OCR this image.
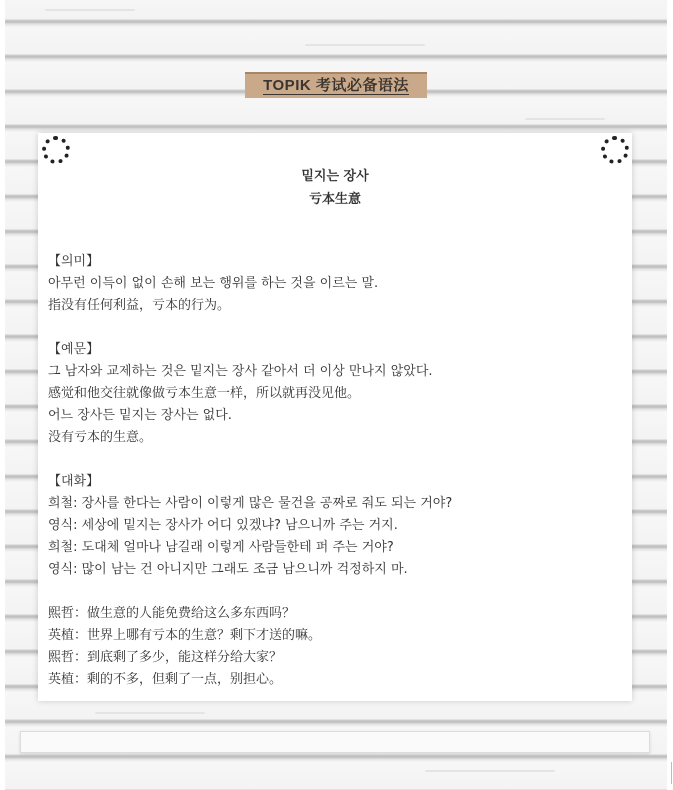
TOPIK 考试必备语法
밑지는 장사
亏本生意
【의미】
아무런 이득이 없이 손해 보는 행위를 하는 것을 이르는 말.
指没有任何利益，亏本的行为。
【예문】
그 남자와 교제하는 것은 밑지는 장사 같아서 더 이상 만나지 않았다.
感觉和他交往就像做亏本生意一样，所以就再没见他。
어느 장사든 밑지는 장사는 없다.
没有亏本的生意。
【대화】
희철: 장사를 한다는 사람이 이렇게 많은 물건을 공짜로 줘도 되는 거야?
영식: 세상에 밑지는 장사가 어디 있겠냐? 남으니까 주는 거지.
희철: 도대체 얼마나 남길래 이렇게 사람들한테 퍼 주는 거야?
영식: 많이 남는 건 아니지만 그래도 조금 남으니까 걱정하지 마.
熙哲：做生意的人能免费给这么多东西吗？
英植：世界上哪有亏本的生意？剩下才送的嘛。
熙哲：到底剩了多少，能这样分给大家？
英植：剩的不多，但剩了一点，别担心。
